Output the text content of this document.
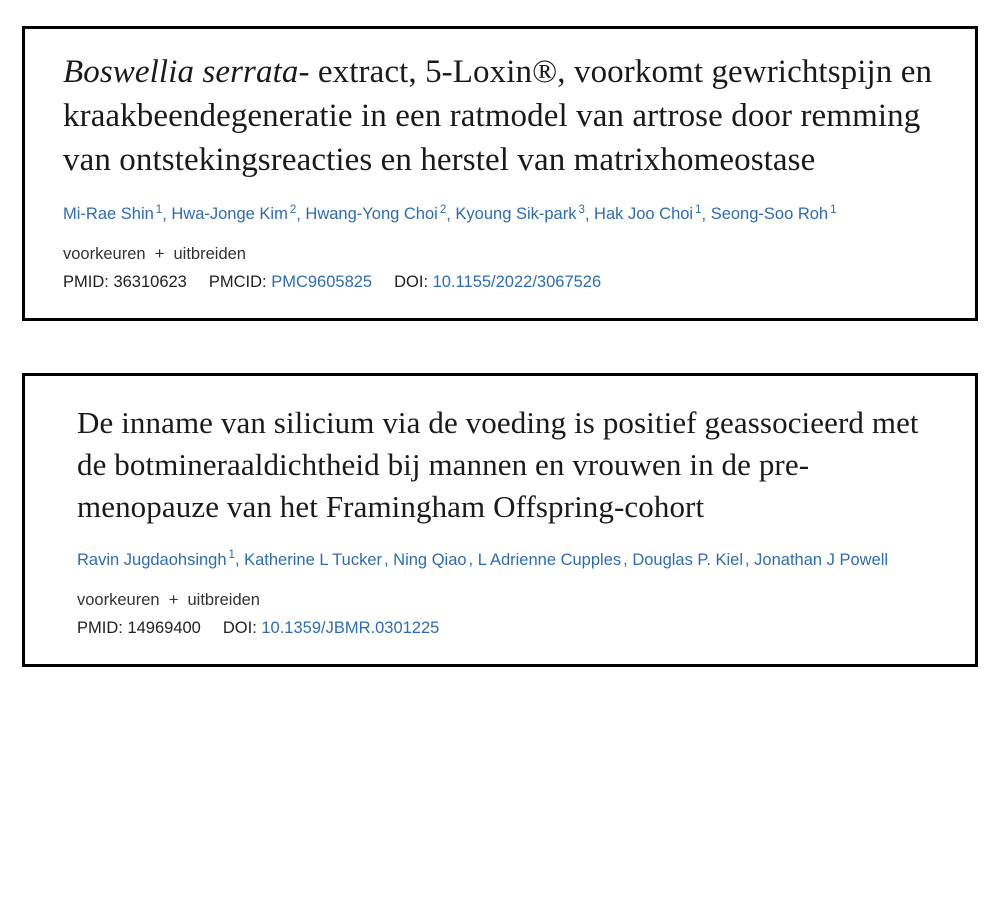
Boswellia serrata- extract, 5-Loxin®, voorkomt gewrichtspijn en kraakbeendegeneratie in een ratmodel van artrose door remming van ontstekingsreacties en herstel van matrixhomeostase
Mi-Rae Shin $^1$, Hwa-Jonge Kim $^2$, Hwang-Yong Choi $^2$, Kyoung Sik-park $^3$, Hak Joo Choi $^1$, Seong-Soo Roh $^1$
voorkeuren + uitbreiden
PMID: 36310623 PMCID: PMC9605825 DOI: 10.1155/2022/3067526
De inname van silicium via de voeding is positief geassocieerd met de botmineraaldichtheid bij mannen en vrouwen in de pre-menopauze van het Framingham Offspring-cohort
Ravin Jugdaohsingh $^1$, Katherine L Tucker , Ning Qiao , L Adrienne Cupples , Douglas P. Kiel , Jonathan J Powell
voorkeuren + uitbreiden
PMID: 14969400 DOI: 10.1359/JBMR.0301225
